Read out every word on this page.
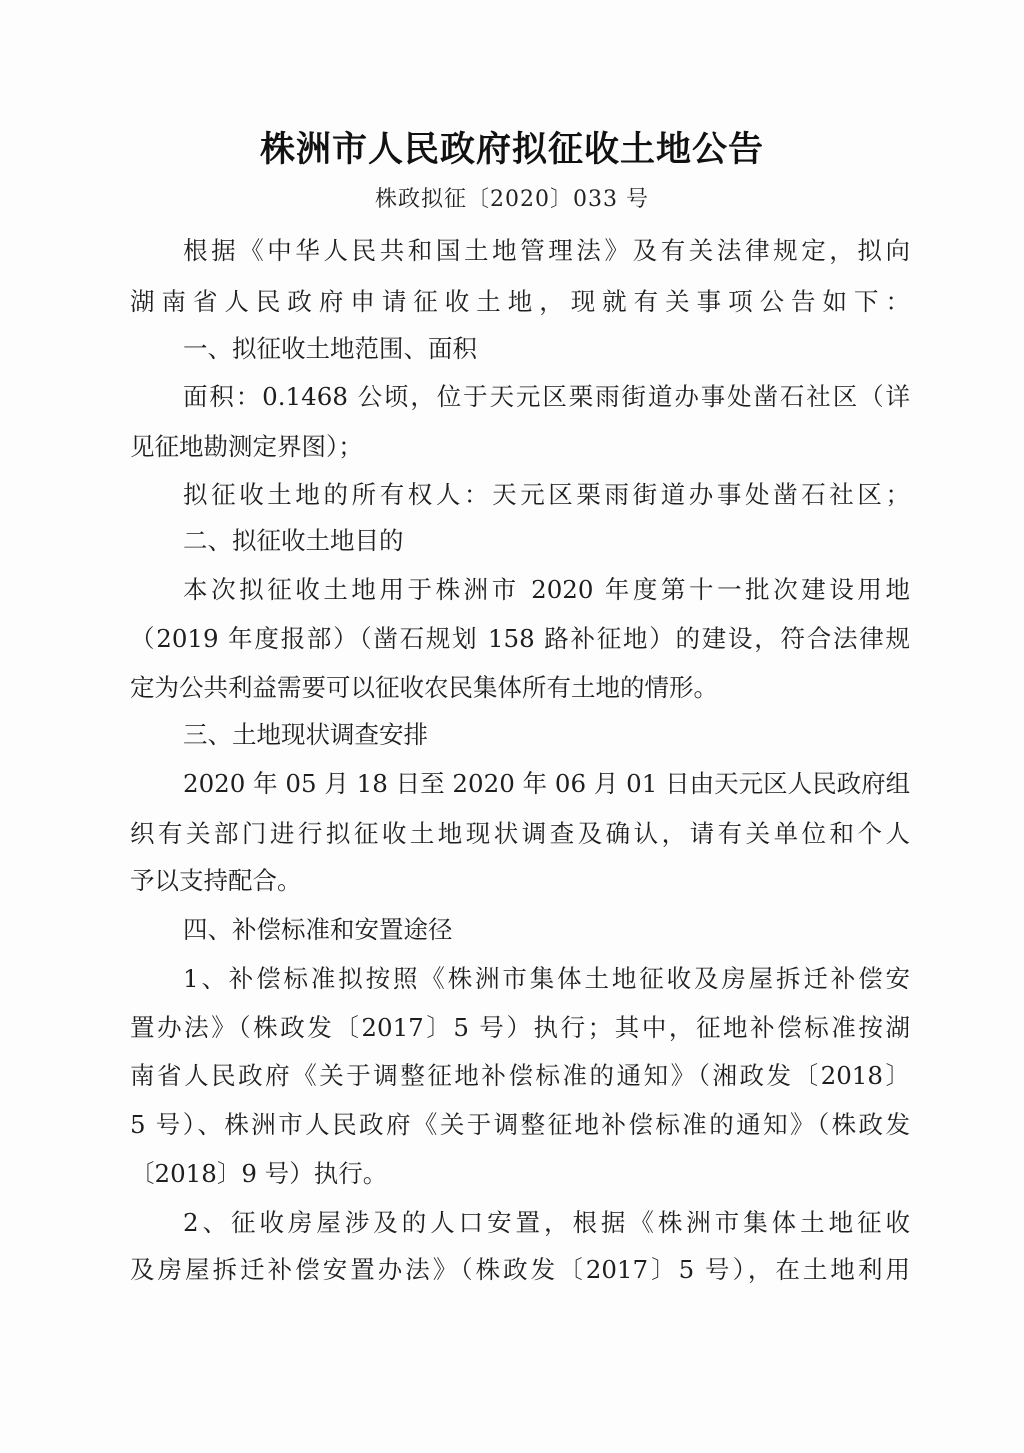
株洲市人民政府拟征收土地公告
株政拟征〔2020〕033 号
根据《中华人民共和国土地管理法》及有关法律规定，拟向
湖南省人民政府申请征收土地，现就有关事项公告如下：
一、拟征收土地范围、面积
面积：0.1468 公顷，位于天元区栗雨街道办事处凿石社区（详
见征地勘测定界图）；
拟征收土地的所有权人：天元区栗雨街道办事处凿石社区；
二、拟征收土地目的
本次拟征收土地用于株洲市 2020 年度第十一批次建设用地
（2019 年度报部）（凿石规划 158 路补征地）的建设，符合法律规
定为公共利益需要可以征收农民集体所有土地的情形。
三、土地现状调查安排
2020 年 05 月 18 日至 2020 年 06 月 01 日由天元区人民政府组
织有关部门进行拟征收土地现状调查及确认，请有关单位和个人
予以支持配合。
四、补偿标准和安置途径
1、补偿标准拟按照《株洲市集体土地征收及房屋拆迁补偿安
置办法》（株政发〔2017〕5 号）执行；其中，征地补偿标准按湖
南省人民政府《关于调整征地补偿标准的通知》（湘政发〔2018〕
5 号）、株洲市人民政府《关于调整征地补偿标准的通知》（株政发
〔2018〕9 号）执行。
2、征收房屋涉及的人口安置，根据《株洲市集体土地征收
及房屋拆迁补偿安置办法》（株政发〔2017〕5 号），在土地利用
